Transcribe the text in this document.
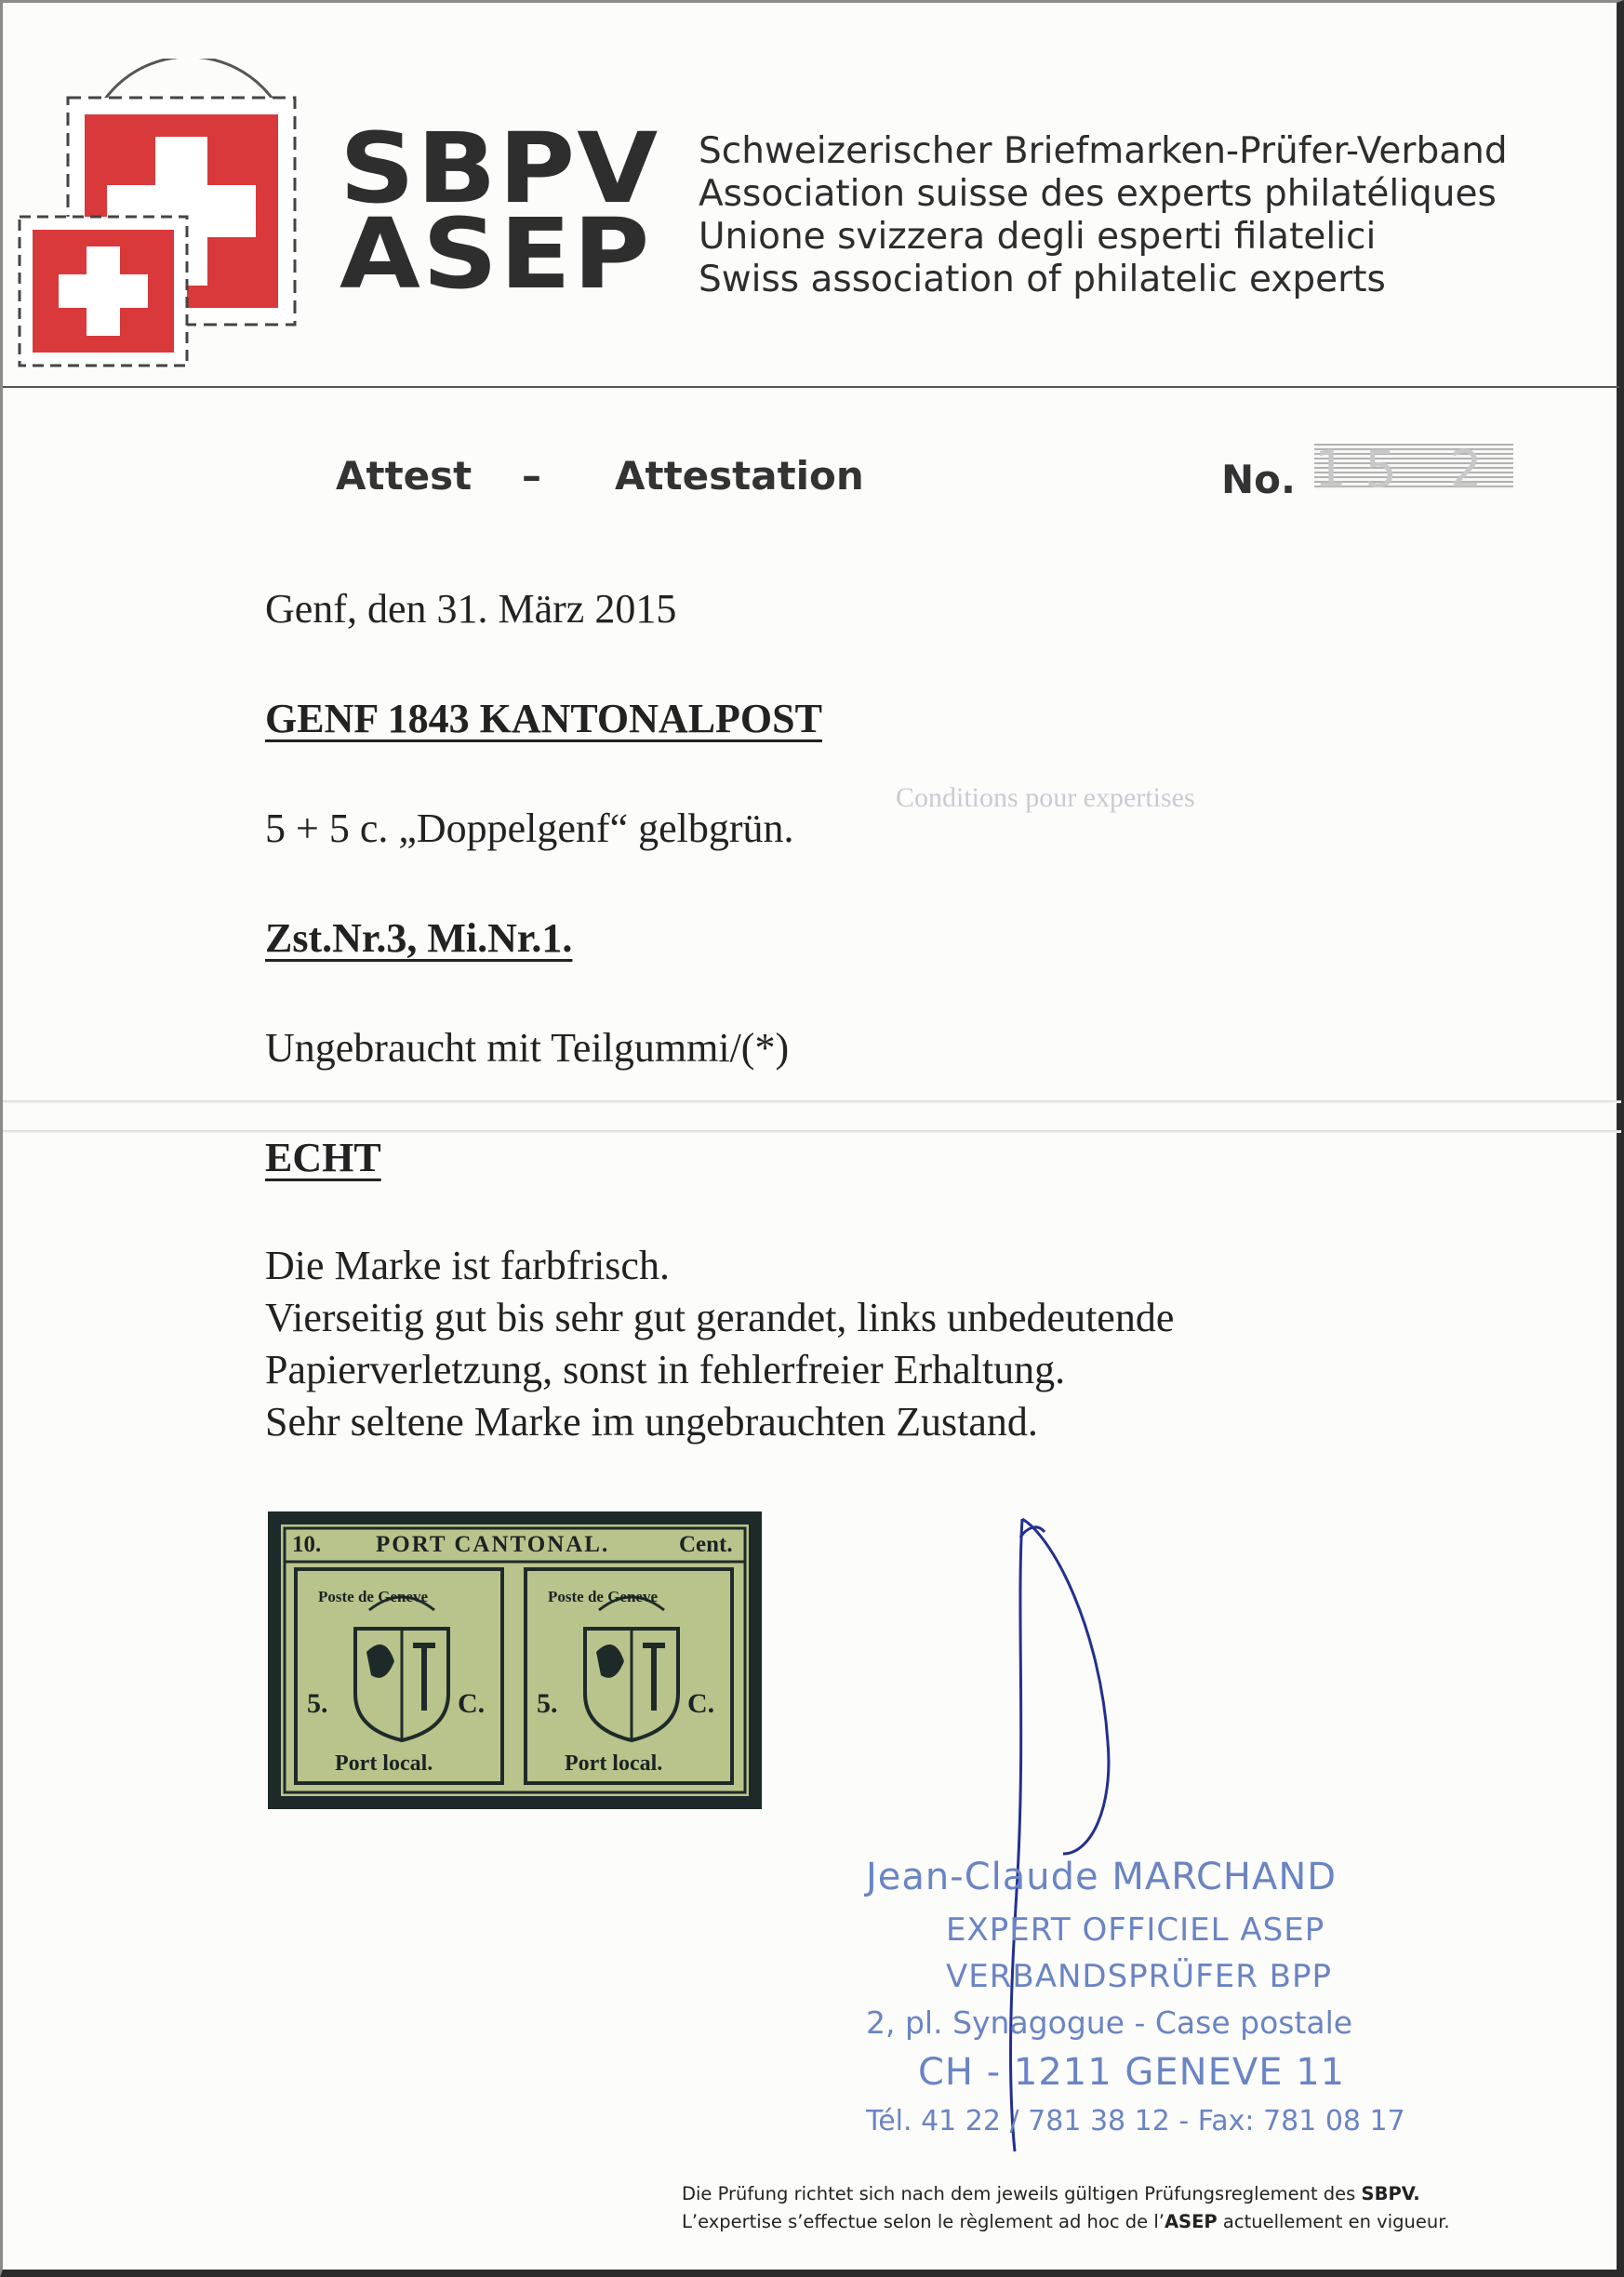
Conditions pour expertises
SBPV
ASEP
Schweizerischer Briefmarken-Prüfer-Verband
Association suisse des experts philatéliques
Unione svizzera degli esperti filatelici
Swiss association of philatelic experts
Attest – Attestation	No. 15 2
Genf, den 31. März 2015
GENF 1843 KANTONALPOST
5 + 5 c. „Doppelgenf“ gelbgrün.
Zst.Nr.3, Mi.Nr.1.
Ungebraucht mit Teilgummi/(*)
ECHT
Die Marke ist farbfrisch.
Vierseitig gut bis sehr gut gerandet, links unbedeutende
Papierverletzung, sonst in fehlerfreier Erhaltung.
Sehr seltene Marke im ungebrauchten Zustand.
10. PORT CANTONAL.	Cent.
Poste de Geneve	Poste de Geneve
5.	C. 5.	C.
Port local.	Port local.
Jean-Claude MARCHAND
EXPERT OFFICIEL ASEP
VERBANDSPRÜFER BPP
2, pl. Synagogue - Case postale
CH - 1211 GENEVE 11
Tél. 41 22 / 781 38 12 - Fax: 781 08 17
Die Prüfung richtet sich nach dem jeweils gültigen Prüfungsreglement des SBPV.
L’expertise s’effectue selon le règlement ad hoc de l’ASEP actuellement en vigueur.
